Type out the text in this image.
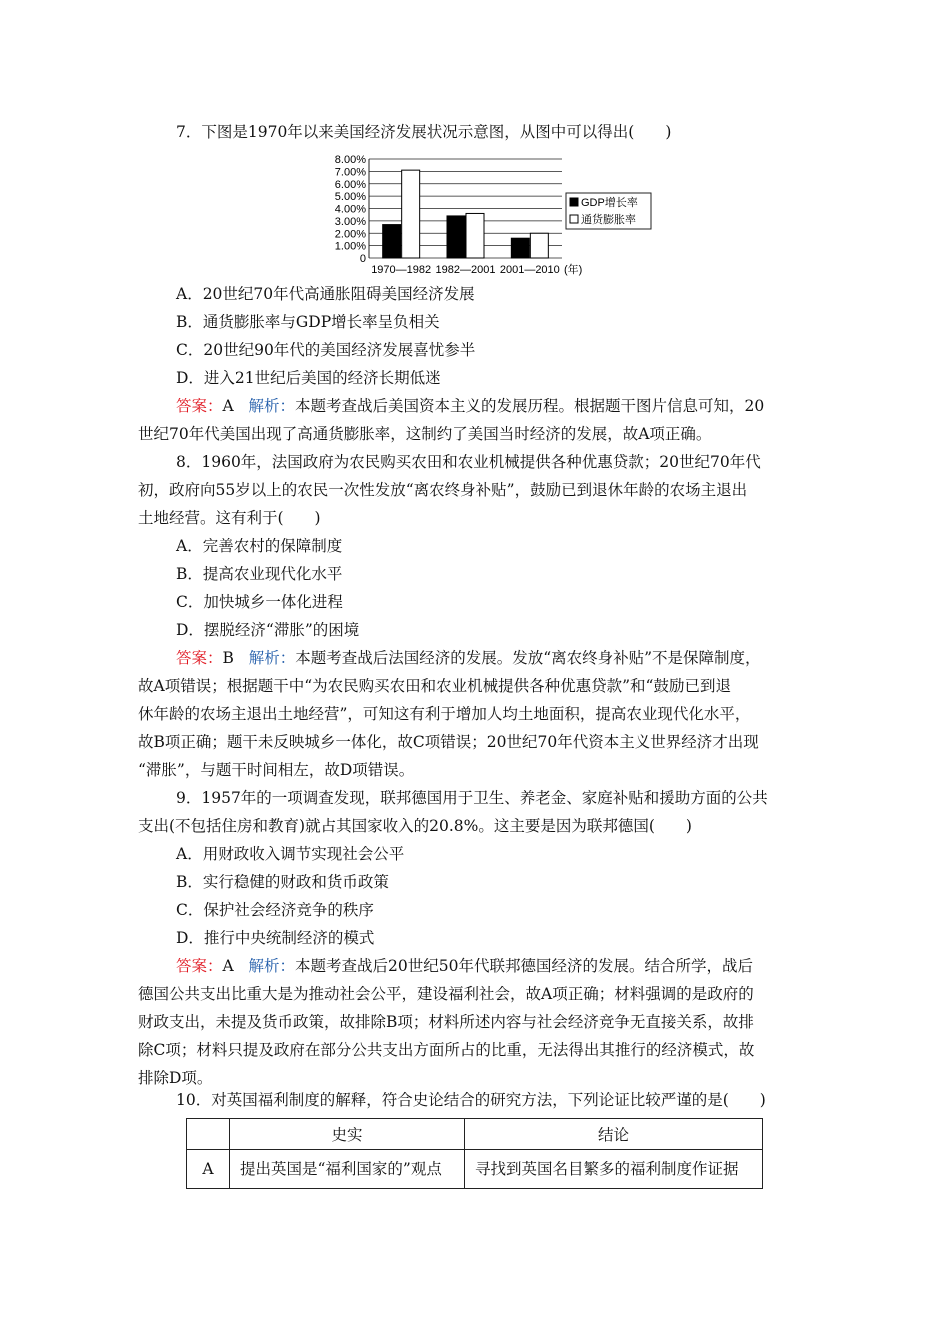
7．下图是1970年以来美国经济发展状况示意图，从图中可以得出(　　)
0
1.00%
2.00%
3.00%
4.00%
5.00%
6.00%
7.00%
8.00%
1970—1982 1982—2001 2001—2010 (年)
GDP增长率
通货膨胀率
A．20世纪70年代高通胀阻碍美国经济发展
B．通货膨胀率与GDP增长率呈负相关
C．20世纪90年代的美国经济发展喜忧参半
D．进入21世纪后美国的经济长期低迷
答案：A 解析：本题考查战后美国资本主义的发展历程。根据题干图片信息可知，20
世纪70年代美国出现了高通货膨胀率，这制约了美国当时经济的发展，故A项正确。
8．1960年，法国政府为农民购买农田和农业机械提供各种优惠贷款；20世纪70年代
初，政府向55岁以上的农民一次性发放“离农终身补贴”，鼓励已到退休年龄的农场主退出
土地经营。这有利于(　　)
A．完善农村的保障制度
B．提高农业现代化水平
C．加快城乡一体化进程
D．摆脱经济“滞胀”的困境
答案：B 解析：本题考查战后法国经济的发展。发放“离农终身补贴”不是保障制度，
故A项错误；根据题干中“为农民购买农田和农业机械提供各种优惠贷款”和“鼓励已到退
休年龄的农场主退出土地经营”，可知这有利于增加人均土地面积，提高农业现代化水平，
故B项正确；题干未反映城乡一体化，故C项错误；20世纪70年代资本主义世界经济才出现
“滞胀”，与题干时间相左，故D项错误。
9．1957年的一项调查发现，联邦德国用于卫生、养老金、家庭补贴和援助方面的公共
支出(不包括住房和教育)就占其国家收入的20.8%。这主要是因为联邦德国(　　)
A．用财政收入调节实现社会公平
B．实行稳健的财政和货币政策
C．保护社会经济竞争的秩序
D．推行中央统制经济的模式
答案：A 解析：本题考查战后20世纪50年代联邦德国经济的发展。结合所学，战后
德国公共支出比重大是为推动社会公平，建设福利社会，故A项正确；材料强调的是政府的
财政支出，未提及货币政策，故排除B项；材料所述内容与社会经济竞争无直接关系，故排
除C项；材料只提及政府在部分公共支出方面所占的比重，无法得出其推行的经济模式，故
排除D项。
10．对英国福利制度的解释，符合史论结合的研究方法，下列论证比较严谨的是(　　)
	史实	结论
A	提出英国是“福利国家的”观点	寻找到英国名目繁多的福利制度作证据
